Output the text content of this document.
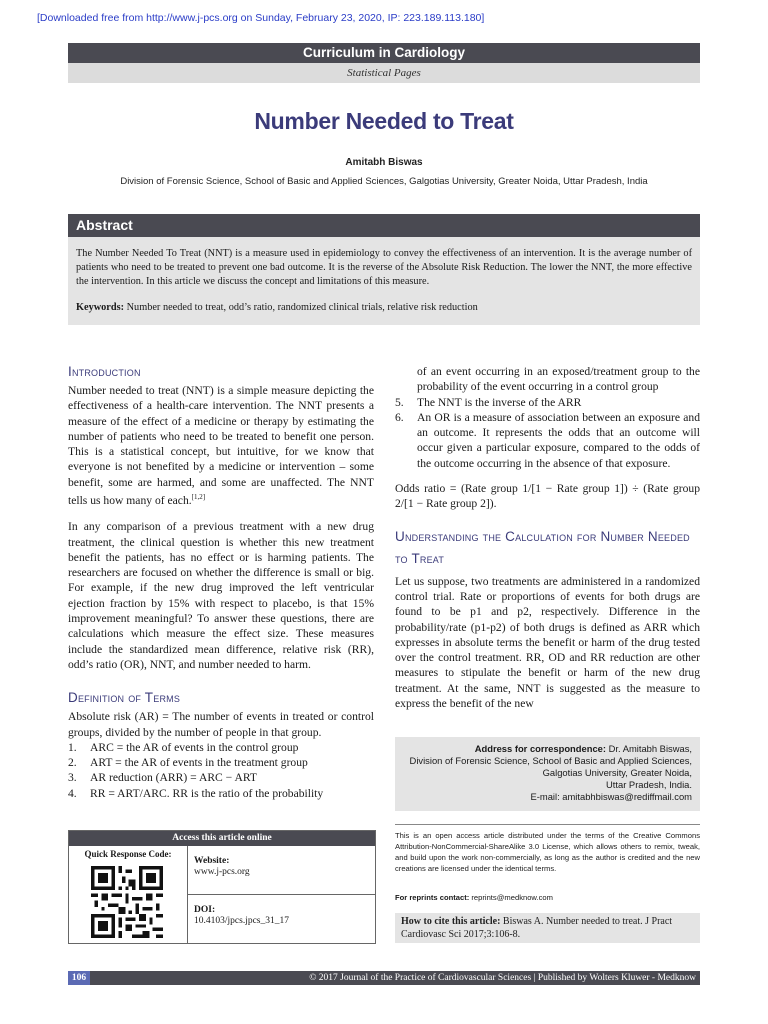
[Downloaded free from http://www.j-pcs.org on Sunday, February 23, 2020, IP: 223.189.113.180]
Curriculum in Cardiology
Statistical Pages
Number Needed to Treat
Amitabh Biswas
Division of Forensic Science, School of Basic and Applied Sciences, Galgotias University, Greater Noida, Uttar Pradesh, India
Abstract

The Number Needed To Treat (NNT) is a measure used in epidemiology to convey the effectiveness of an intervention. It is the average number of patients who need to be treated to prevent one bad outcome. It is the reverse of the Absolute Risk Reduction. The lower the NNT, the more effective the intervention. In this article we discuss the concept and limitations of this measure.

Keywords: Number needed to treat, odd’s ratio, randomized clinical trials, relative risk reduction

Introduction

Number needed to treat (NNT) is a simple measure depicting the effectiveness of a health-care intervention. The NNT presents a measure of the effect of a medicine or therapy by estimating the number of patients who need to be treated to benefit one person. This is a statistical concept, but intuitive, for we know that everyone is not benefited by a medicine or intervention – some benefit, some are harmed, and some are unaffected. The NNT tells us how many of each.[1,2]

In any comparison of a previous treatment with a new drug treatment, the clinical question is whether this new treatment benefit the patients, has no effect or is harming patients. The researchers are focused on whether the difference is small or big. For example, if the new drug improved the left ventricular ejection fraction by 15% with respect to placebo, is that 15% improvement meaningful? To answer these questions, there are calculations which measure the effect size. These measures include the standardized mean difference, relative risk (RR), odd’s ratio (OR), NNT, and number needed to harm.

Definition of Terms

Absolute risk (AR) = The number of events in treated or control groups, divided by the number of people in that group.

1.	ARC = the AR of events in the control group
2.	ART = the AR of events in the treatment group
3.	AR reduction (ARR) = ARC − ART
4.	RR = ART/ARC. RR is the ratio of the probability
of an event occurring in an exposed/treatment group to the probability of the event occurring in a control group
5.	The NNT is the inverse of the ARR
6.	An OR is a measure of association between an exposure and an outcome. It represents the odds that an outcome will occur given a particular exposure, compared to the odds of the outcome occurring in the absence of that exposure.

Odds ratio = (Rate group 1/[1 − Rate group 1]) ÷ (Rate group 2/[1 − Rate group 2]).

Understanding the Calculation for Number Needed to Treat

Let us suppose, two treatments are administered in a randomized control trial. Rate or proportions of events for both drugs are found to be p1 and p2, respectively. Difference in the probability/rate (p1-p2) of both drugs is defined as ARR which expresses in absolute terms the benefit or harm of the drug tested over the control treatment. RR, OD and RR reduction are other measures to stipulate the benefit or harm of the new drug treatment. At the same, NNT is suggested as the measure to express the benefit of the new

Access this article online
Quick Response Code:
Website:
www.j-pcs.org
DOI:
10.4103/jpcs.jpcs_31_17
Address for correspondence: Dr. Amitabh Biswas,
Division of Forensic Science, School of Basic and Applied Sciences,
Galgotias University, Greater Noida,
Uttar Pradesh, India.
E-mail: amitabhbiswas@rediffmail.com
This is an open access article distributed under the terms of the Creative Commons Attribution-NonCommercial-ShareAlike 3.0 License, which allows others to remix, tweak, and build upon the work non-commercially, as long as the author is credited and the new creations are licensed under the identical terms.
For reprints contact: reprints@medknow.com
How to cite this article: Biswas A. Number needed to treat. J Pract Cardiovasc Sci 2017;3:106-8.
106	© 2017 Journal of the Practice of Cardiovascular Sciences | Published by Wolters Kluwer - Medknow
